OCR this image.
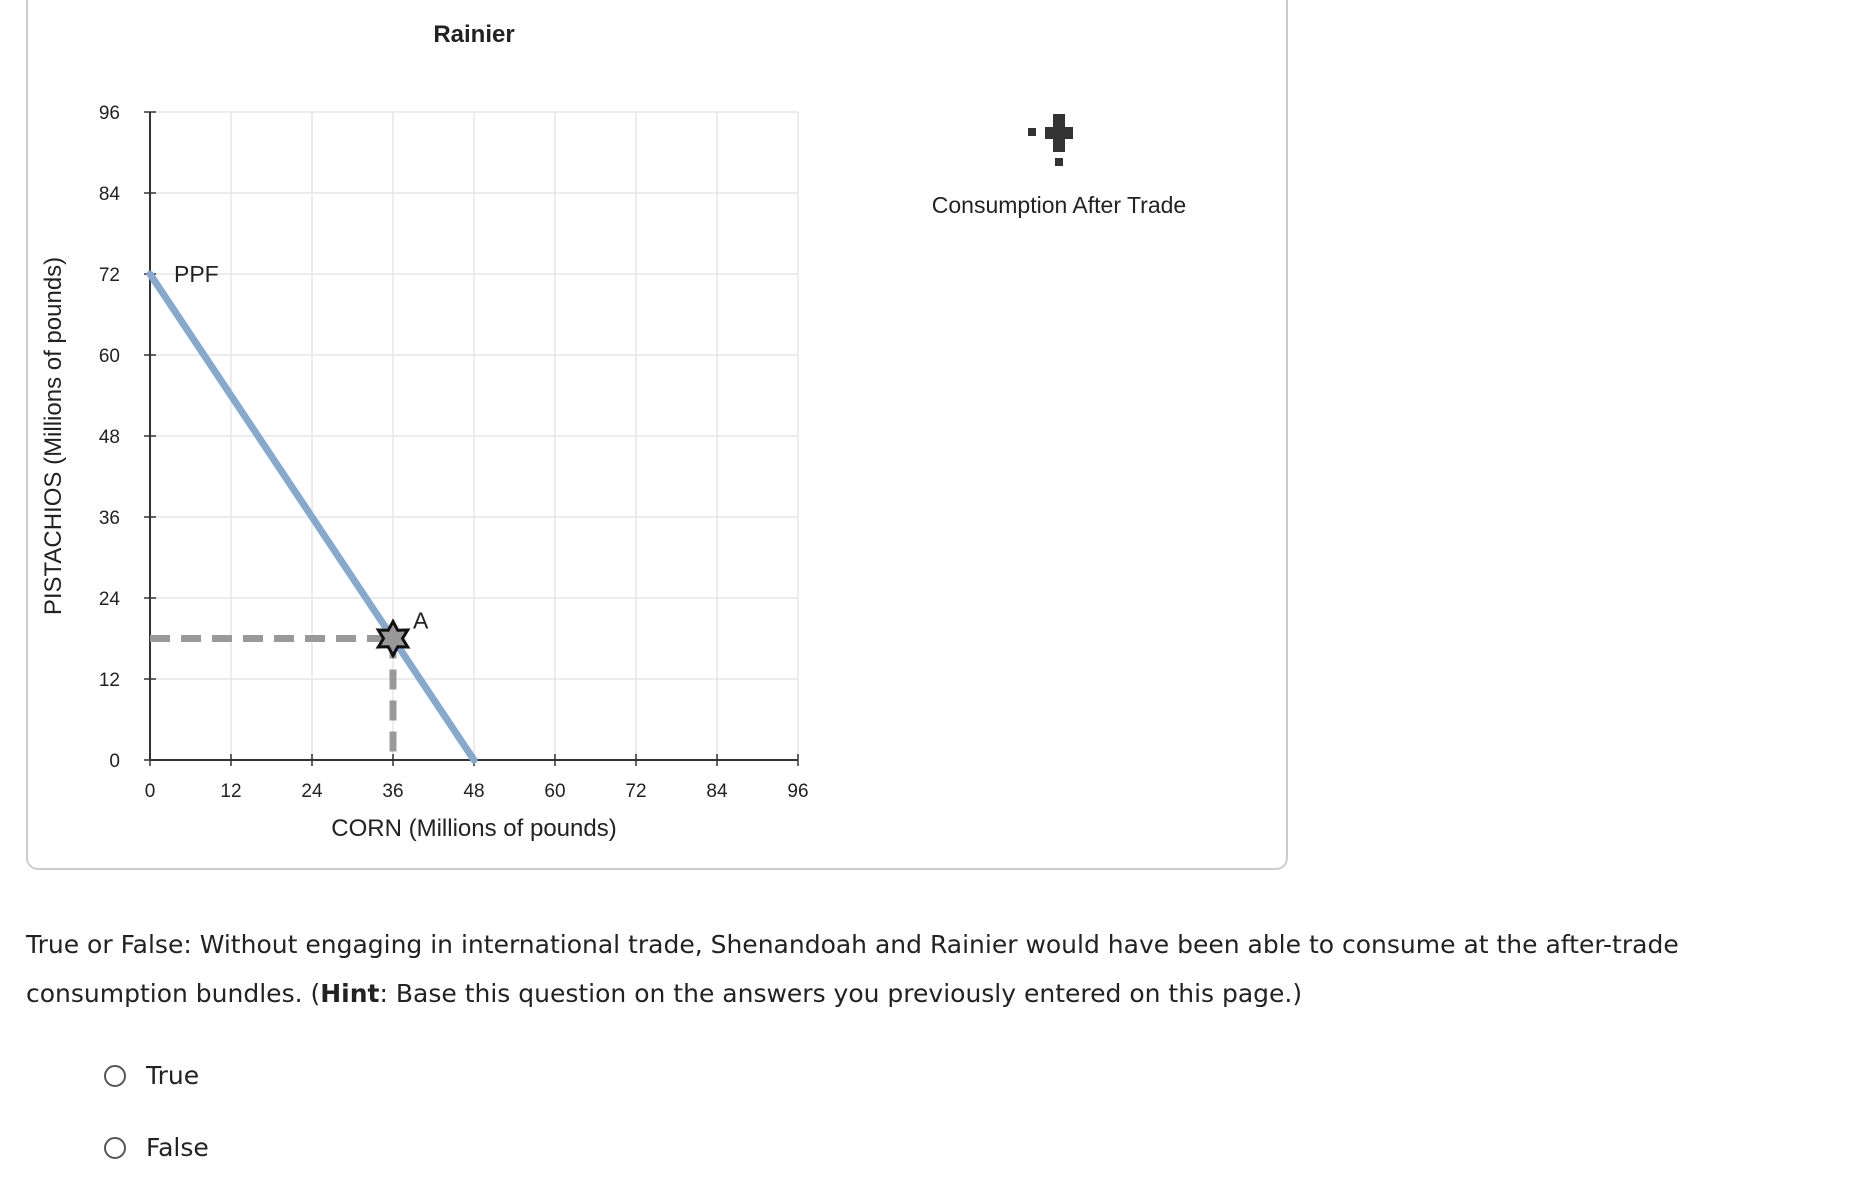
0	12	24	36	48	60	72	84	96
0
12
24
36
48
60
72
84
96
Rainier
CORN (Millions of pounds)
PISTACHIOS (Millions of pounds)	PPF
A
Consumption After Trade
True or False: Without engaging in international trade, Shenandoah and Rainier would have been able to consume at the after-trade consumption bundles. (Hint: Base this question on the answers you previously entered on this page.)
True
False
